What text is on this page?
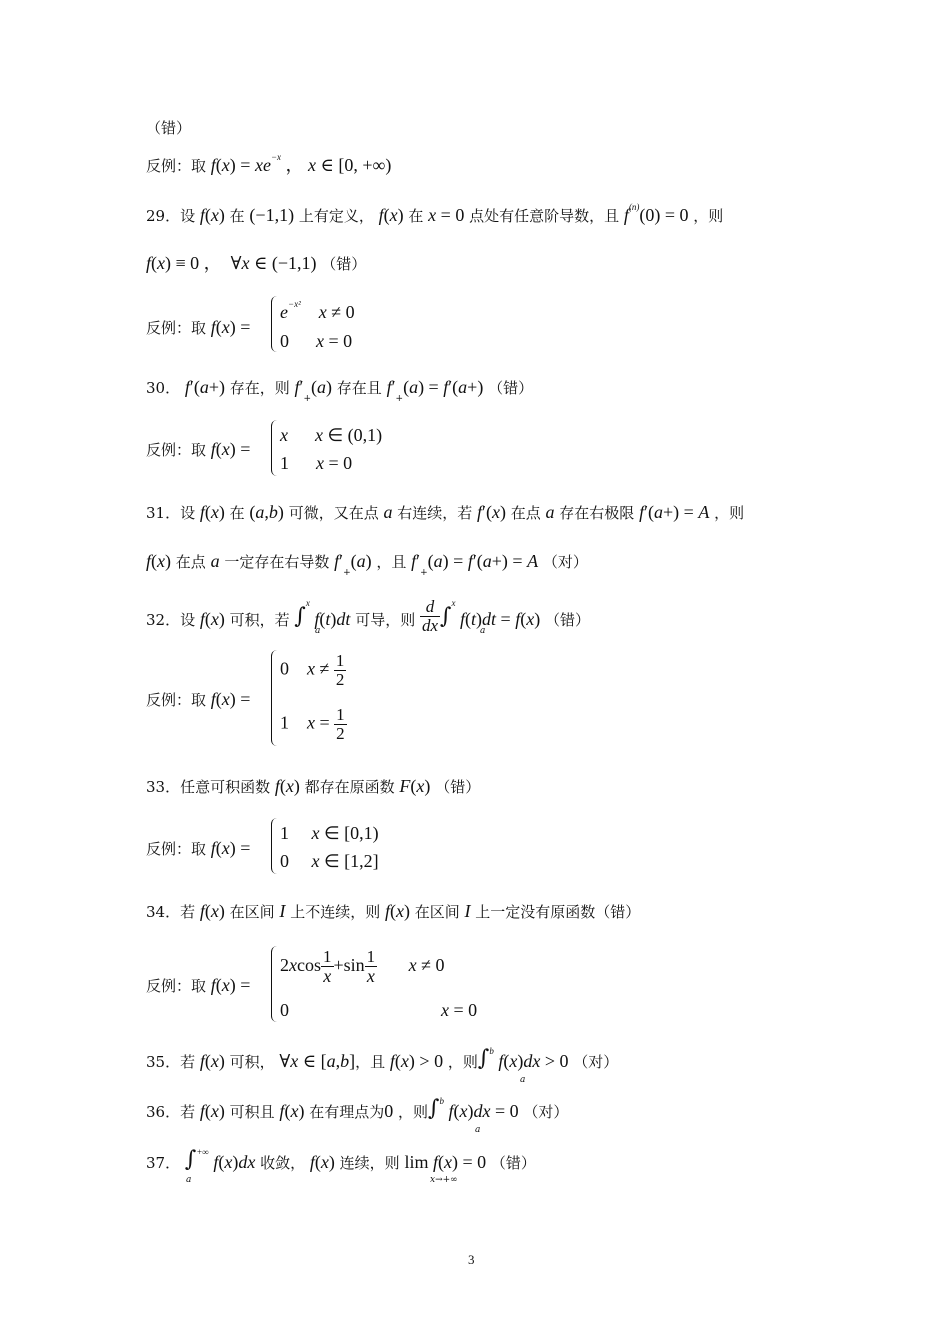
（错）
反例：取 $f(x) = xe^{-x}$ ， x ∈ [0, +∞)
29．设 f(x) 在 (−1,1) 上有定义， f(x) 在 x = 0 点处有任意阶导数，且 $f^{(n)}(0) = 0$ ，则
f(x) ≡ 0 ，  ∀x ∈ (−1,1) （错）
反例：取 f(x) =
$e^{-x^2}$ x ≠ 0
0      x = 0
30． f′(a+) 存在，则 $f'_+(a)$ 存在且 $f'_+(a) = f'(a+)$ （错）
反例：取 f(x) =
x x ∈ (0,1)
1      x = 0
31．设 f(x) 在 (a,b) 可微，又在点 a 右连续，若 f′(x) 在点 a 存在右极限 f′(a+) = A ，则
f(x) 在点 a 一定存在右导数 $f'_+(a)$ ，且 $f'_+(a) = f'(a+) = A$ （对）
32．设 f(x) 可积，若 ∫$^x$ f(t)dt 可导，则 $\frac{d}{dx} \int^x$ f(t)dt = f(x) （错）
a	a
反例：取 f(x) =
0    $x \ne \frac{1}{2}$
1    $x = \frac{1}{2}$
33．任意可积函数 f(x) 都存在原函数 F(x) （错）
反例：取 f(x) =
1     x ∈ [0,1)
0     x ∈ [1,2]
34．若 f(x) 在区间 I 上不连续，则 f(x) 在区间 I 上一定没有原函数（错）
反例：取 f(x) =
$2xcos \frac{1}{x} +\sin \frac{1}{x}$ x ≠ 0
0	x = 0
35．若 f(x) 可积， ∀x ∈ [a,b]，且 f(x) > 0 ，则∫$^b$ f(x)dx > 0 （对）
a
36．若 f(x) 可积且 f(x) 在有理点为0 ，则∫$^b$ f(x)dx = 0 （对）
a
37． ∫+∞ f(x)dx 收敛， f(x) 连续，则 lim f(x) = 0 （错）
a	x→+∞
3
